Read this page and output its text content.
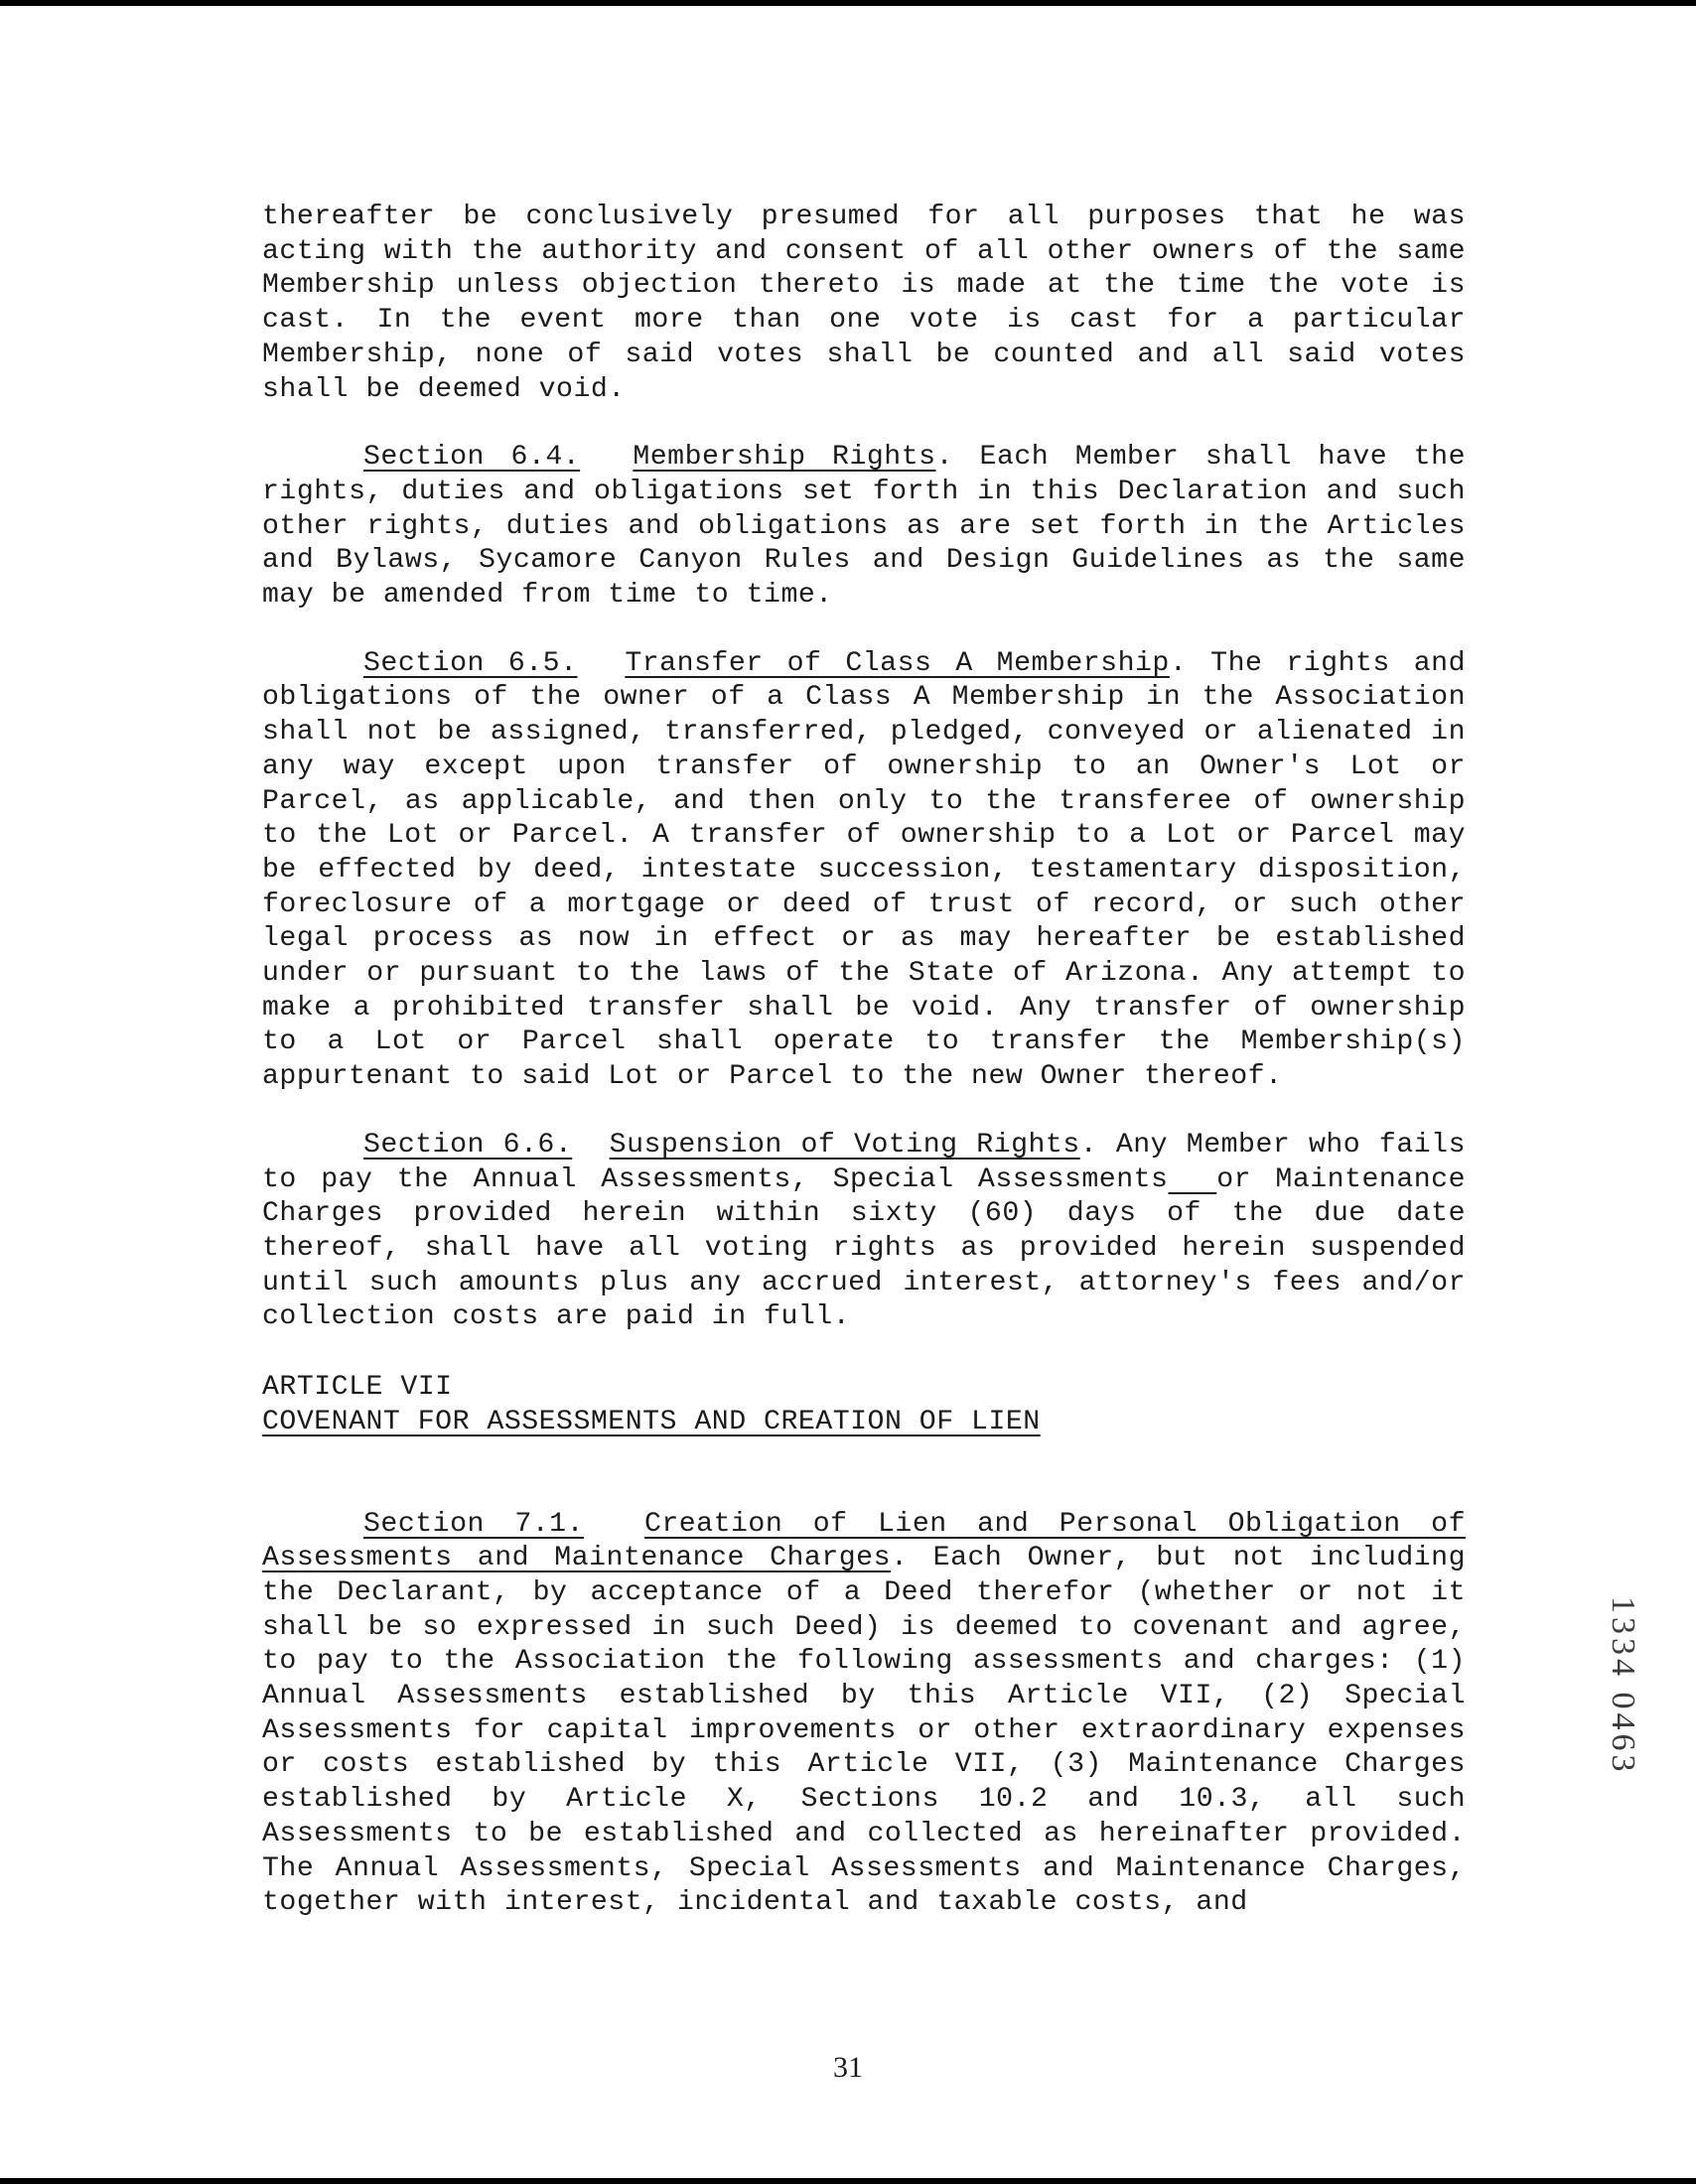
thereafter be conclusively presumed for all purposes that he was acting with the authority and consent of all other owners of the same Membership unless objection thereto is made at the time the vote is cast. In the event more than one vote is cast for a particular Membership, none of said votes shall be counted and all said votes shall be deemed void.

Section 6.4. Membership Rights. Each Member shall have the rights, duties and obligations set forth in this Declaration and such other rights, duties and obligations as are set forth in the Articles and Bylaws, Sycamore Canyon Rules and Design Guidelines as the same may be amended from time to time.

Section 6.5. Transfer of Class A Membership. The rights and obligations of the owner of a Class A Membership in the Association shall not be assigned, transferred, pledged, conveyed or alienated in any way except upon transfer of ownership to an Owner's Lot or Parcel, as applicable, and then only to the transferee of ownership to the Lot or Parcel. A transfer of ownership to a Lot or Parcel may be effected by deed, intestate succession, testamentary disposition, foreclosure of a mortgage or deed of trust of record, or such other legal process as now in effect or as may hereafter be established under or pursuant to the laws of the State of Arizona. Any attempt to make a prohibited transfer shall be void. Any transfer of ownership to a Lot or Parcel shall operate to transfer the Membership(s) appurtenant to said Lot or Parcel to the new Owner thereof.

Section 6.6. Suspension of Voting Rights. Any Member who fails to pay the Annual Assessments, Special Assessments or Maintenance Charges provided herein within sixty (60) days of the due date thereof, shall have all voting rights as provided herein suspended until such amounts plus any accrued interest, attorney's fees and/or collection costs are paid in full.

ARTICLE VII

COVENANT FOR ASSESSMENTS AND CREATION OF LIEN

Section 7.1. Creation of Lien and Personal Obligation of Assessments and Maintenance Charges. Each Owner, but not including the Declarant, by acceptance of a Deed therefor (whether or not it shall be so expressed in such Deed) is deemed to covenant and agree, to pay to the Association the following assessments and charges: (1) Annual Assessments established by this Article VII, (2) Special Assessments for capital improvements or other extraordinary expenses or costs established by this Article VII, (3) Maintenance Charges established by Article X, Sections 10.2 and 10.3, all such Assessments to be established and collected as hereinafter provided. The Annual Assessments, Special Assessments and Maintenance Charges, together with interest, incidental and taxable costs, and

1334 0463
31
